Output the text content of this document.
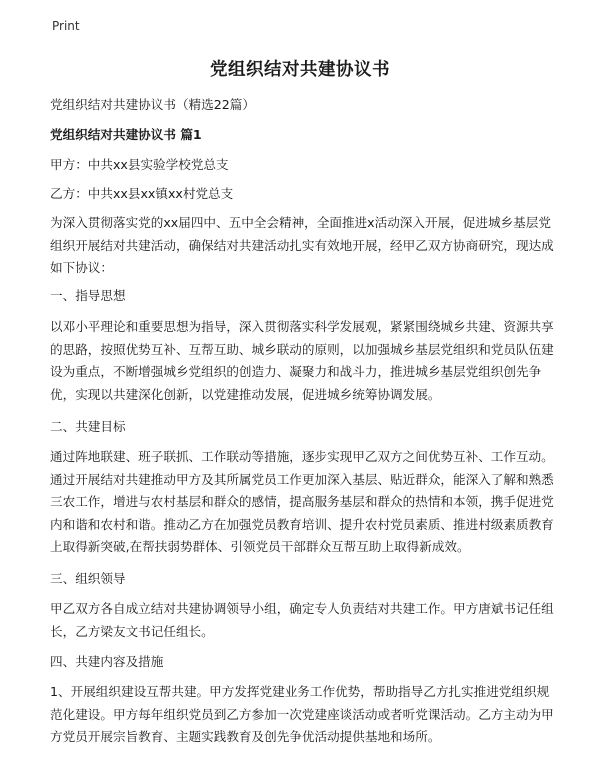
Print
党组织结对共建协议书

党组织结对共建协议书（精选22篇）

党组织结对共建协议书 篇1

甲方：中共xx县实验学校党总支

乙方：中共xx县xx镇xx村党总支

为深入贯彻落实党的xx届四中、五中全会精神，全面推进x活动深入开展，促进城乡基层党组织开展结对共建活动，确保结对共建活动扎实有效地开展，经甲乙双方协商研究，现达成如下协议：

一、指导思想

以邓小平理论和重要思想为指导，深入贯彻落实科学发展观，紧紧围绕城乡共建、资源共享的思路，按照优势互补、互帮互助、城乡联动的原则，以加强城乡基层党组织和党员队伍建设为重点，不断增强城乡党组织的创造力、凝聚力和战斗力，推进城乡基层党组织创先争优，实现以共建深化创新，以党建推动发展，促进城乡统筹协调发展。

二、共建目标

通过阵地联建、班子联抓、工作联动等措施，逐步实现甲乙双方之间优势互补、工作互动。通过开展结对共建推动甲方及其所属党员工作更加深入基层、贴近群众，能深入了解和熟悉三农工作，增进与农村基层和群众的感情，提高服务基层和群众的热情和本领，携手促进党内和谐和农村和谐。推动乙方在加强党员教育培训、提升农村党员素质、推进村级素质教育上取得新突破,在帮扶弱势群体、引领党员干部群众互帮互助上取得新成效。

三、组织领导

甲乙双方各自成立结对共建协调领导小组，确定专人负责结对共建工作。甲方唐斌书记任组长，乙方梁友文书记任组长。

四、共建内容及措施

1、开展组织建设互帮共建。甲方发挥党建业务工作优势，帮助指导乙方扎实推进党组织规范化建设。甲方每年组织党员到乙方参加一次党建座谈活动或者听党课活动。乙方主动为甲方党员开展宗旨教育、主题实践教育及创先争优活动提供基地和场所。
